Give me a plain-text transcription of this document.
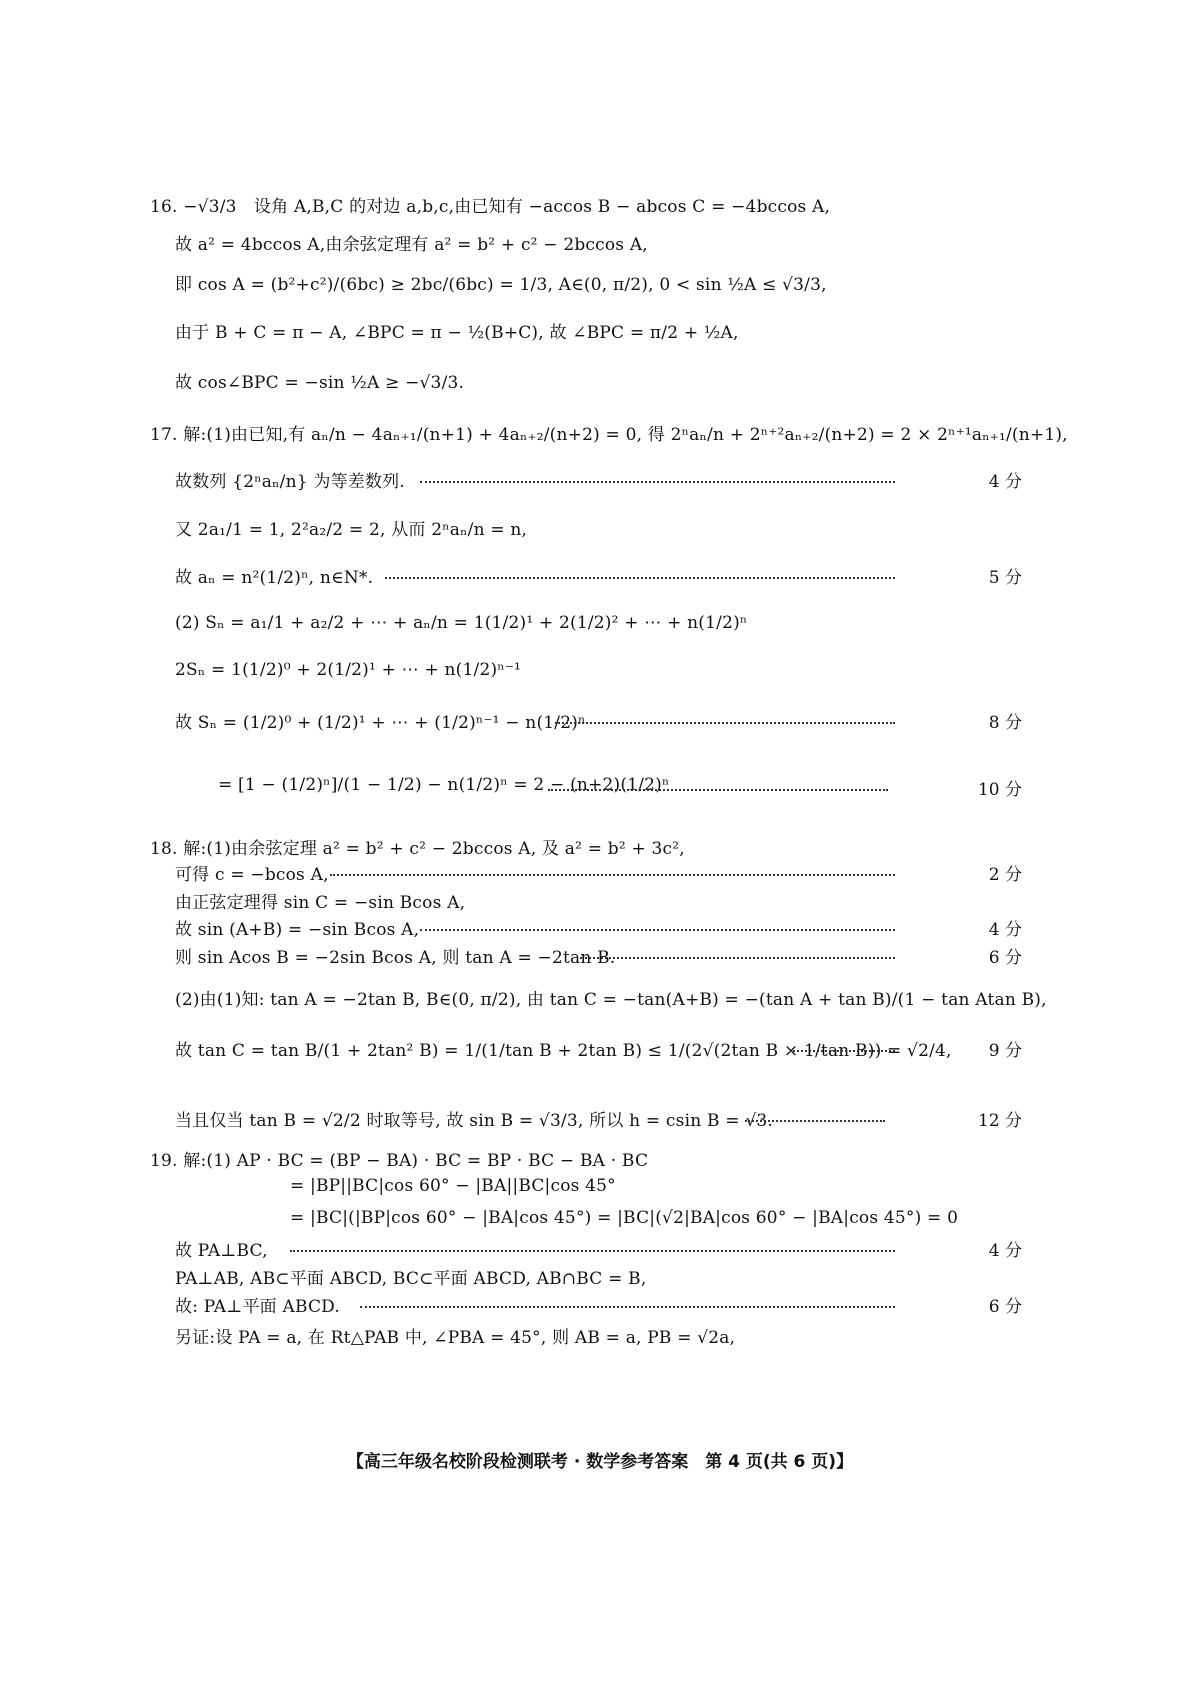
16. −√3/3　设角 A,B,C 的对边 a,b,c,由已知有 −accos B − abcos C = −4bccos A,
故 a² = 4bccos A,由余弦定理有 a² = b² + c² − 2bccos A,
即 cos A = (b²+c²)/(6bc) ≥ 2bc/(6bc) = 1/3, A∈(0, π/2), 0 < sin ½A ≤ √3/3,
由于 B + C = π − A, ∠BPC = π − ½(B+C), 故 ∠BPC = π/2 + ½A,
故 cos∠BPC = −sin ½A ≥ −√3/3.
17. 解:(1)由已知,有 aₙ/n − 4aₙ₊₁/(n+1) + 4aₙ₊₂/(n+2) = 0, 得 2ⁿaₙ/n + 2ⁿ⁺²aₙ₊₂/(n+2) = 2 × 2ⁿ⁺¹aₙ₊₁/(n+1),
故数列 {2ⁿaₙ/n} 为等差数列.	4 分
又 2a₁/1 = 1, 2²a₂/2 = 2, 从而 2ⁿaₙ/n = n,
故 aₙ = n²(1/2)ⁿ, n∈N*.	5 分
(2) Sₙ = a₁/1 + a₂/2 + ⋯ + aₙ/n = 1(1/2)¹ + 2(1/2)² + ⋯ + n(1/2)ⁿ
2Sₙ = 1(1/2)⁰ + 2(1/2)¹ + ⋯ + n(1/2)ⁿ⁻¹
故 Sₙ = (1/2)⁰ + (1/2)¹ + ⋯ + (1/2)ⁿ⁻¹ − n(1/2)ⁿ	8 分
= [1 − (1/2)ⁿ]/(1 − 1/2) − n(1/2)ⁿ = 2 − (n+2)(1/2)ⁿ	10 分
18. 解:(1)由余弦定理 a² = b² + c² − 2bccos A, 及 a² = b² + 3c²,
可得 c = −bcos A,	2 分
由正弦定理得 sin C = −sin Bcos A,
故 sin (A+B) = −sin Bcos A,	4 分
则 sin Acos B = −2sin Bcos A, 则 tan A = −2tan B.	6 分
(2)由(1)知: tan A = −2tan B, B∈(0, π/2), 由 tan C = −tan(A+B) = −(tan A + tan B)/(1 − tan Atan B),
故 tan C = tan B/(1 + 2tan² B) = 1/(1/tan B + 2tan B) ≤ 1/(2√(2tan B × 1/tan B)) = √2/4, 9 分
当且仅当 tan B = √2/2 时取等号, 故 sin B = √3/3, 所以 h = csin B = √3.	12 分
19. 解:(1) AP · BC = (BP − BA) · BC = BP · BC − BA · BC
= |BP||BC|cos 60° − |BA||BC|cos 45°
= |BC|(|BP|cos 60° − |BA|cos 45°) = |BC|(√2|BA|cos 60° − |BA|cos 45°) = 0
故 PA⊥BC,	4 分
PA⊥AB, AB⊂平面 ABCD, BC⊂平面 ABCD, AB∩BC = B,
故: PA⊥平面 ABCD.	6 分
另证:设 PA = a, 在 Rt△PAB 中, ∠PBA = 45°, 则 AB = a, PB = √2a,
【高三年级名校阶段检测联考 · 数学参考答案　第 4 页(共 6 页)】
